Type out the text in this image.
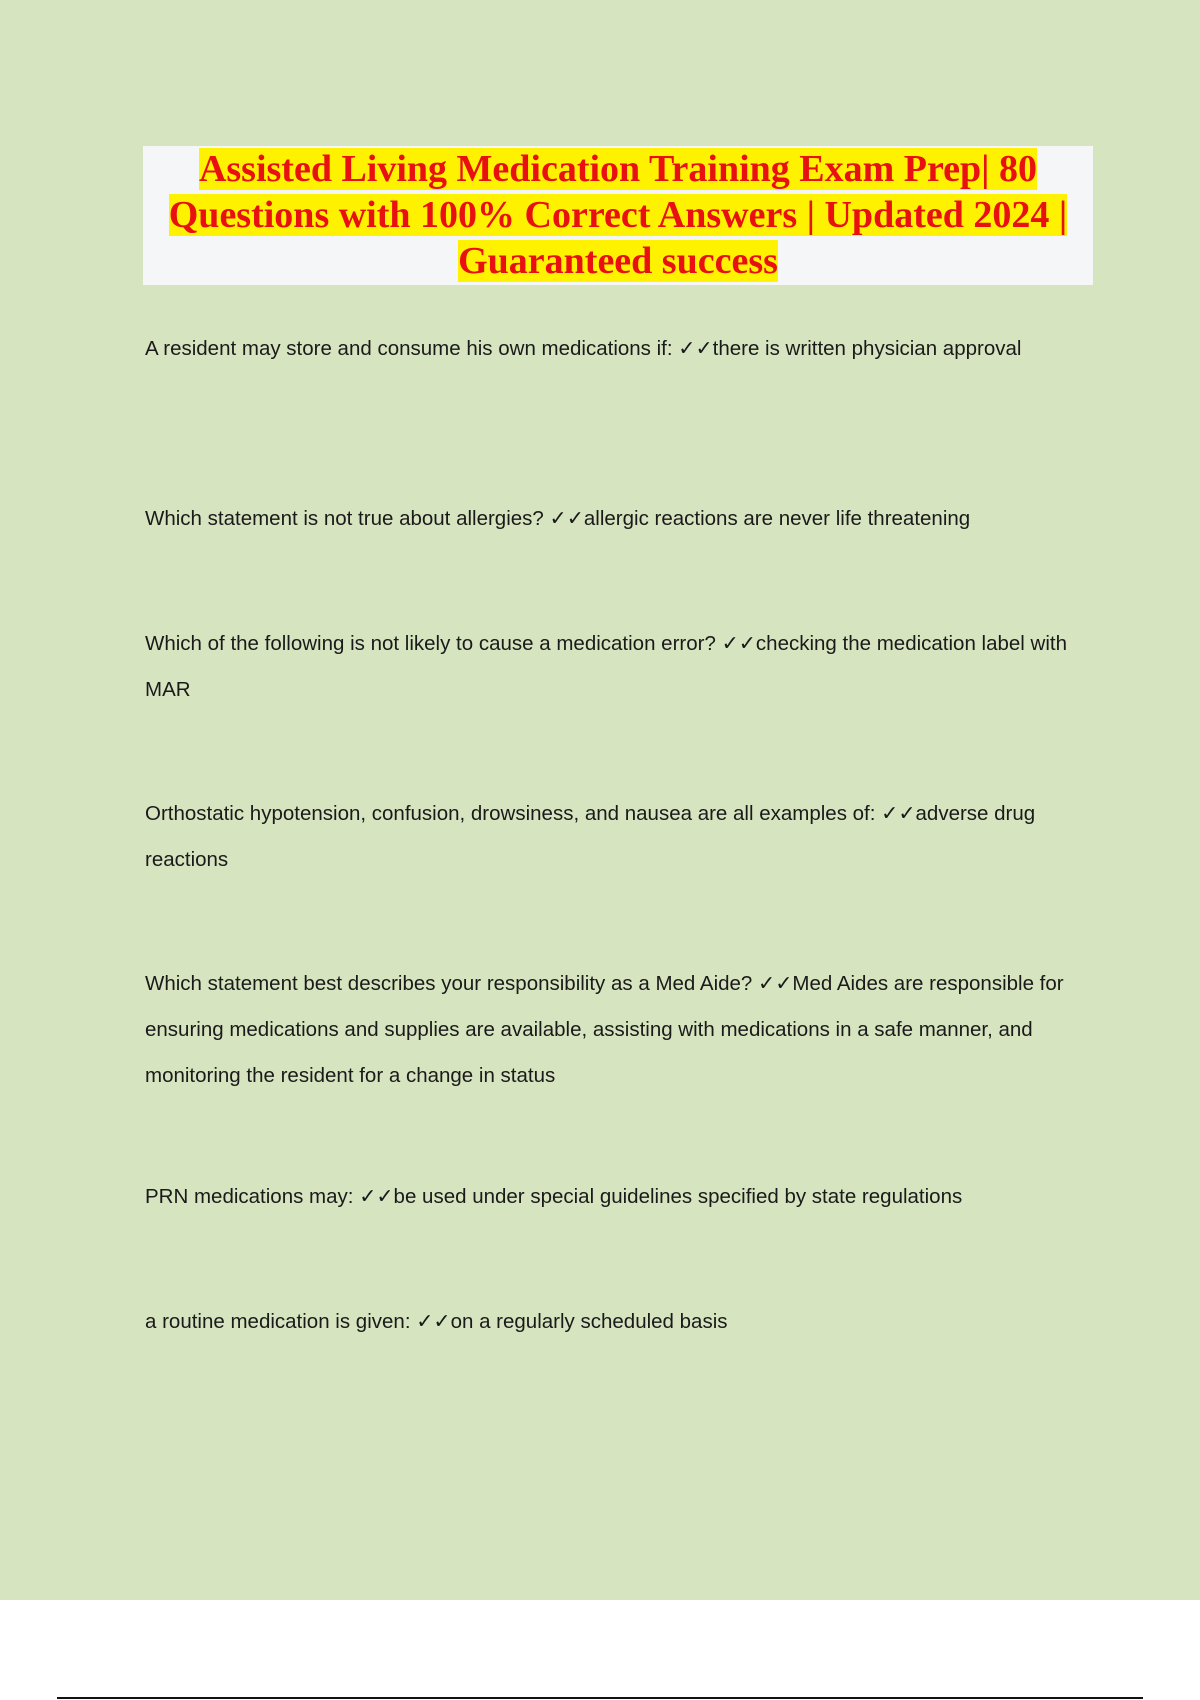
Assisted Living Medication Training Exam Prep| 80 Questions with 100% Correct Answers | Updated 2024 | Guaranteed success
A resident may store and consume his own medications if: ✓✓there is written physician approval
Which statement is not true about allergies? ✓✓allergic reactions are never life threatening
Which of the following is not likely to cause a medication error? ✓✓checking the medication label with MAR
Orthostatic hypotension, confusion, drowsiness, and nausea are all examples of: ✓✓adverse drug reactions
Which statement best describes your responsibility as a Med Aide? ✓✓Med Aides are responsible for ensuring medications and supplies are available, assisting with medications in a safe manner, and monitoring the resident for a change in status
PRN medications may: ✓✓be used under special guidelines specified by state regulations
a routine medication is given: ✓✓on a regularly scheduled basis
